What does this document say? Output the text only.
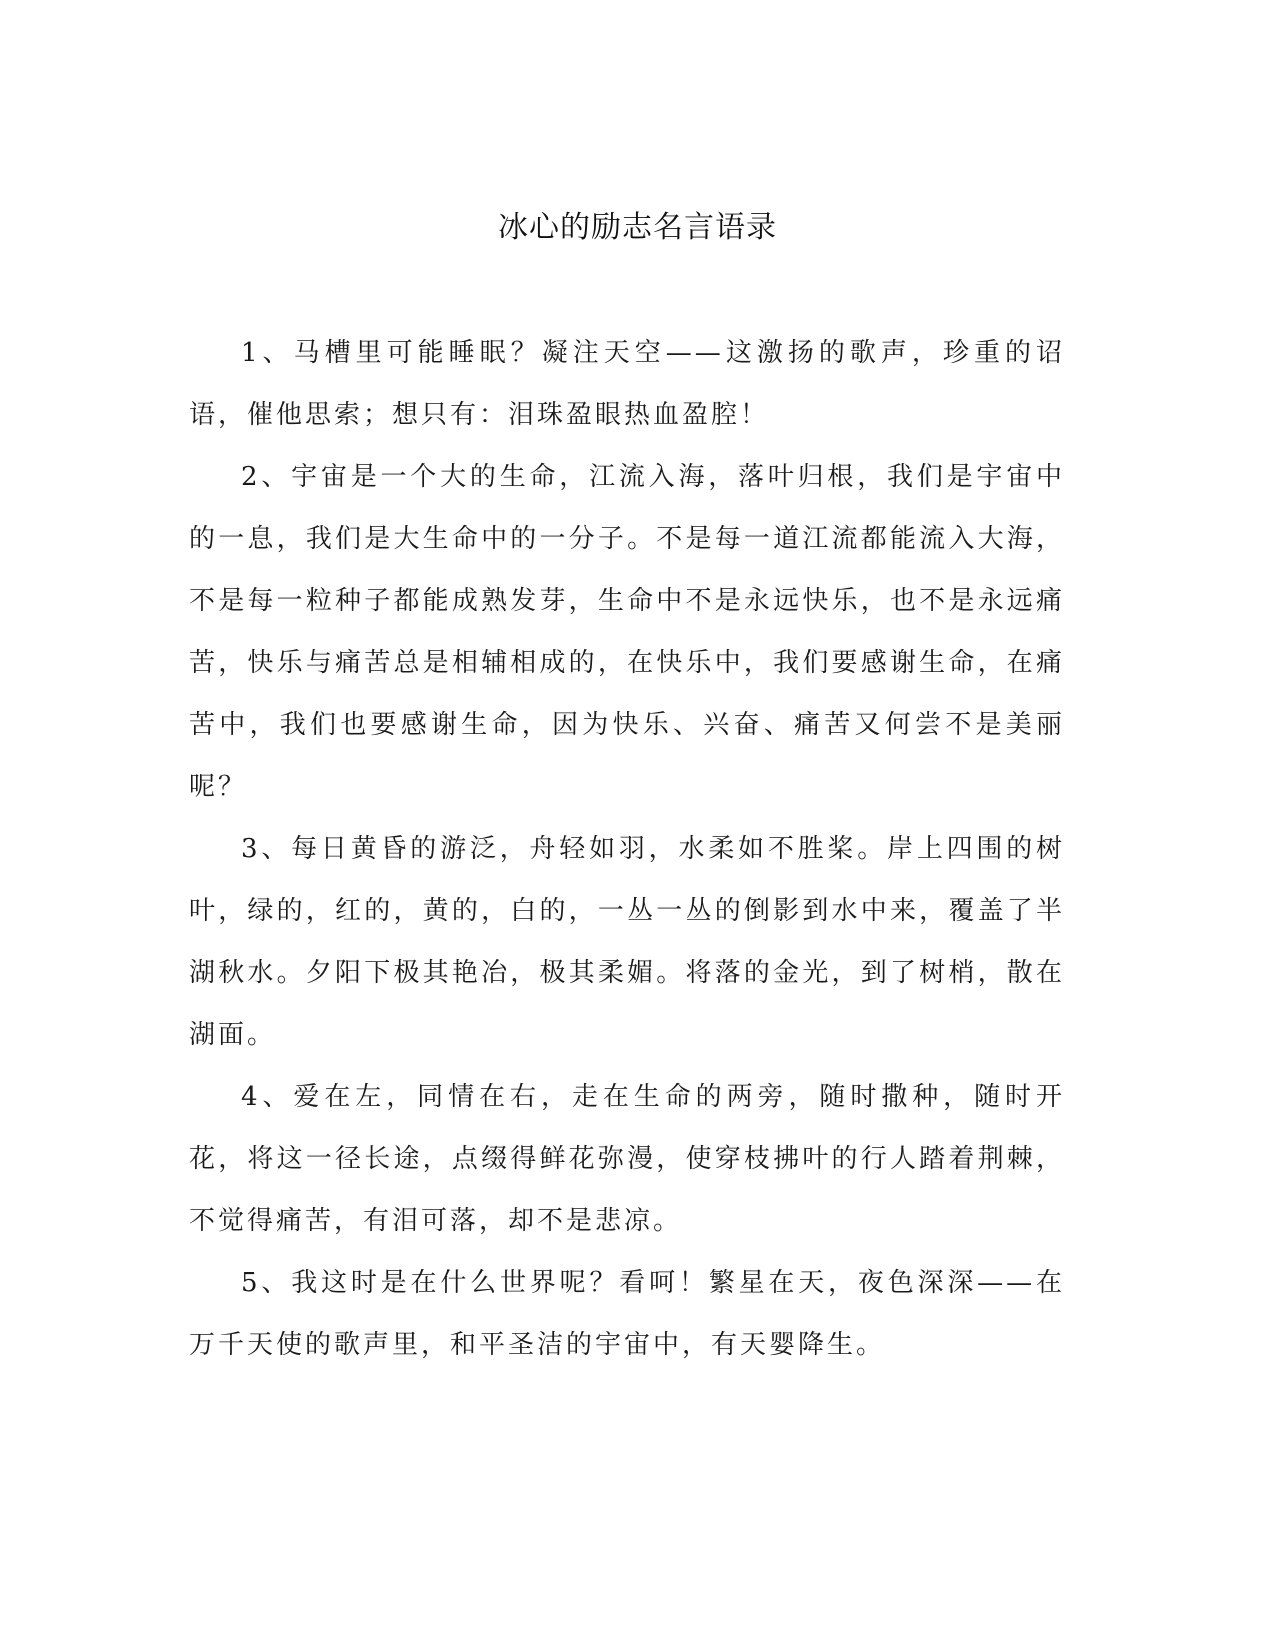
冰心的励志名言语录

1、马槽里可能睡眠？凝注天空——这激扬的歌声，珍重的诏语，催他思索；想只有：泪珠盈眼热血盈腔！

2、宇宙是一个大的生命，江流入海，落叶归根，我们是宇宙中的一息，我们是大生命中的一分子。不是每一道江流都能流入大海，不是每一粒种子都能成熟发芽，生命中不是永远快乐，也不是永远痛苦，快乐与痛苦总是相辅相成的，在快乐中，我们要感谢生命，在痛苦中，我们也要感谢生命，因为快乐、兴奋、痛苦又何尝不是美丽呢？

3、每日黄昏的游泛，舟轻如羽，水柔如不胜桨。岸上四围的树叶，绿的，红的，黄的，白的，一丛一丛的倒影到水中来，覆盖了半湖秋水。夕阳下极其艳冶，极其柔媚。将落的金光，到了树梢，散在湖面。

4、爱在左，同情在右，走在生命的两旁，随时撒种，随时开花，将这一径长途，点缀得鲜花弥漫，使穿枝拂叶的行人踏着荆棘，不觉得痛苦，有泪可落，却不是悲凉。

5、我这时是在什么世界呢？看呵！繁星在天，夜色深深——在万千天使的歌声里，和平圣洁的宇宙中，有天婴降生。
